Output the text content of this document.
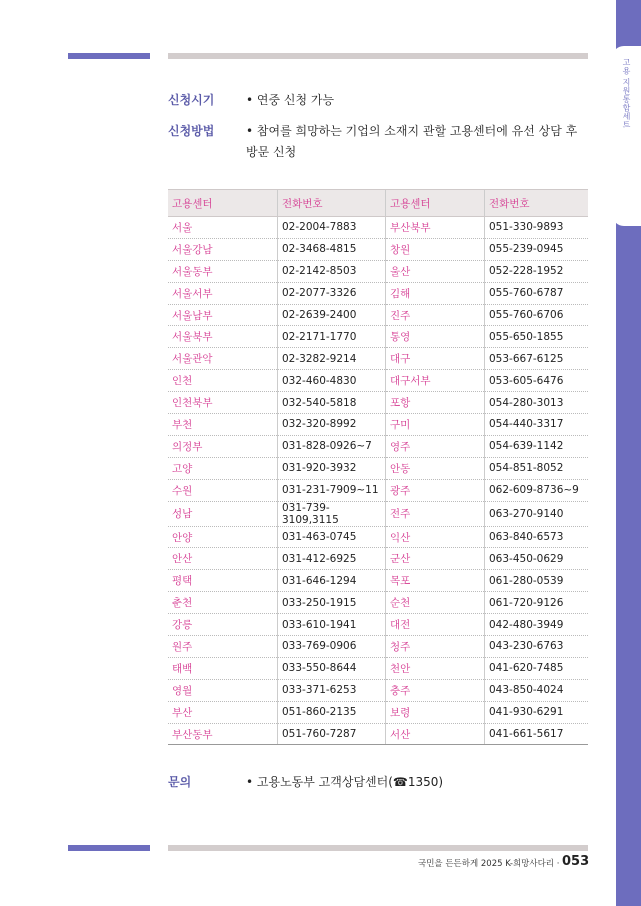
고용 지원통합세트
신청시기	• 연중 신청 가능
신청방법	• 참여를 희망하는 기업의 소재지 관할 고용센터에 유선 상담 후 방문 신청
고용센터	전화번호	고용센터	전화번호
서울	02-2004-7883	부산북부	051-330-9893
서울강남	02-3468-4815	창원	055-239-0945
서울동부	02-2142-8503	울산	052-228-1952
서울서부	02-2077-3326	김해	055-760-6787
서울남부	02-2639-2400	진주	055-760-6706
서울북부	02-2171-1770	통영	055-650-1855
서울관악	02-3282-9214	대구	053-667-6125
인천	032-460-4830	대구서부	053-605-6476
인천북부	032-540-5818	포항	054-280-3013
부천	032-320-8992	구미	054-440-3317
의정부	031-828-0926~7	영주	054-639-1142
고양	031-920-3932	안동	054-851-8052
수원	031-231-7909~11	광주	062-609-8736~9
성남	031-739-3109,3115	전주	063-270-9140
안양	031-463-0745	익산	063-840-6573
안산	031-412-6925	군산	063-450-0629
평택	031-646-1294	목포	061-280-0539
춘천	033-250-1915	순천	061-720-9126
강릉	033-610-1941	대전	042-480-3949
원주	033-769-0906	청주	043-230-6763
태백	033-550-8644	천안	041-620-7485
영월	033-371-6253	충주	043-850-4024
부산	051-860-2135	보령	041-930-6291
부산동부	051-760-7287	서산	041-661-5617
문의	• 고용노동부 고객상담센터(☎1350)
국민을 든든하게 2025 K-희망사다리 · 053
